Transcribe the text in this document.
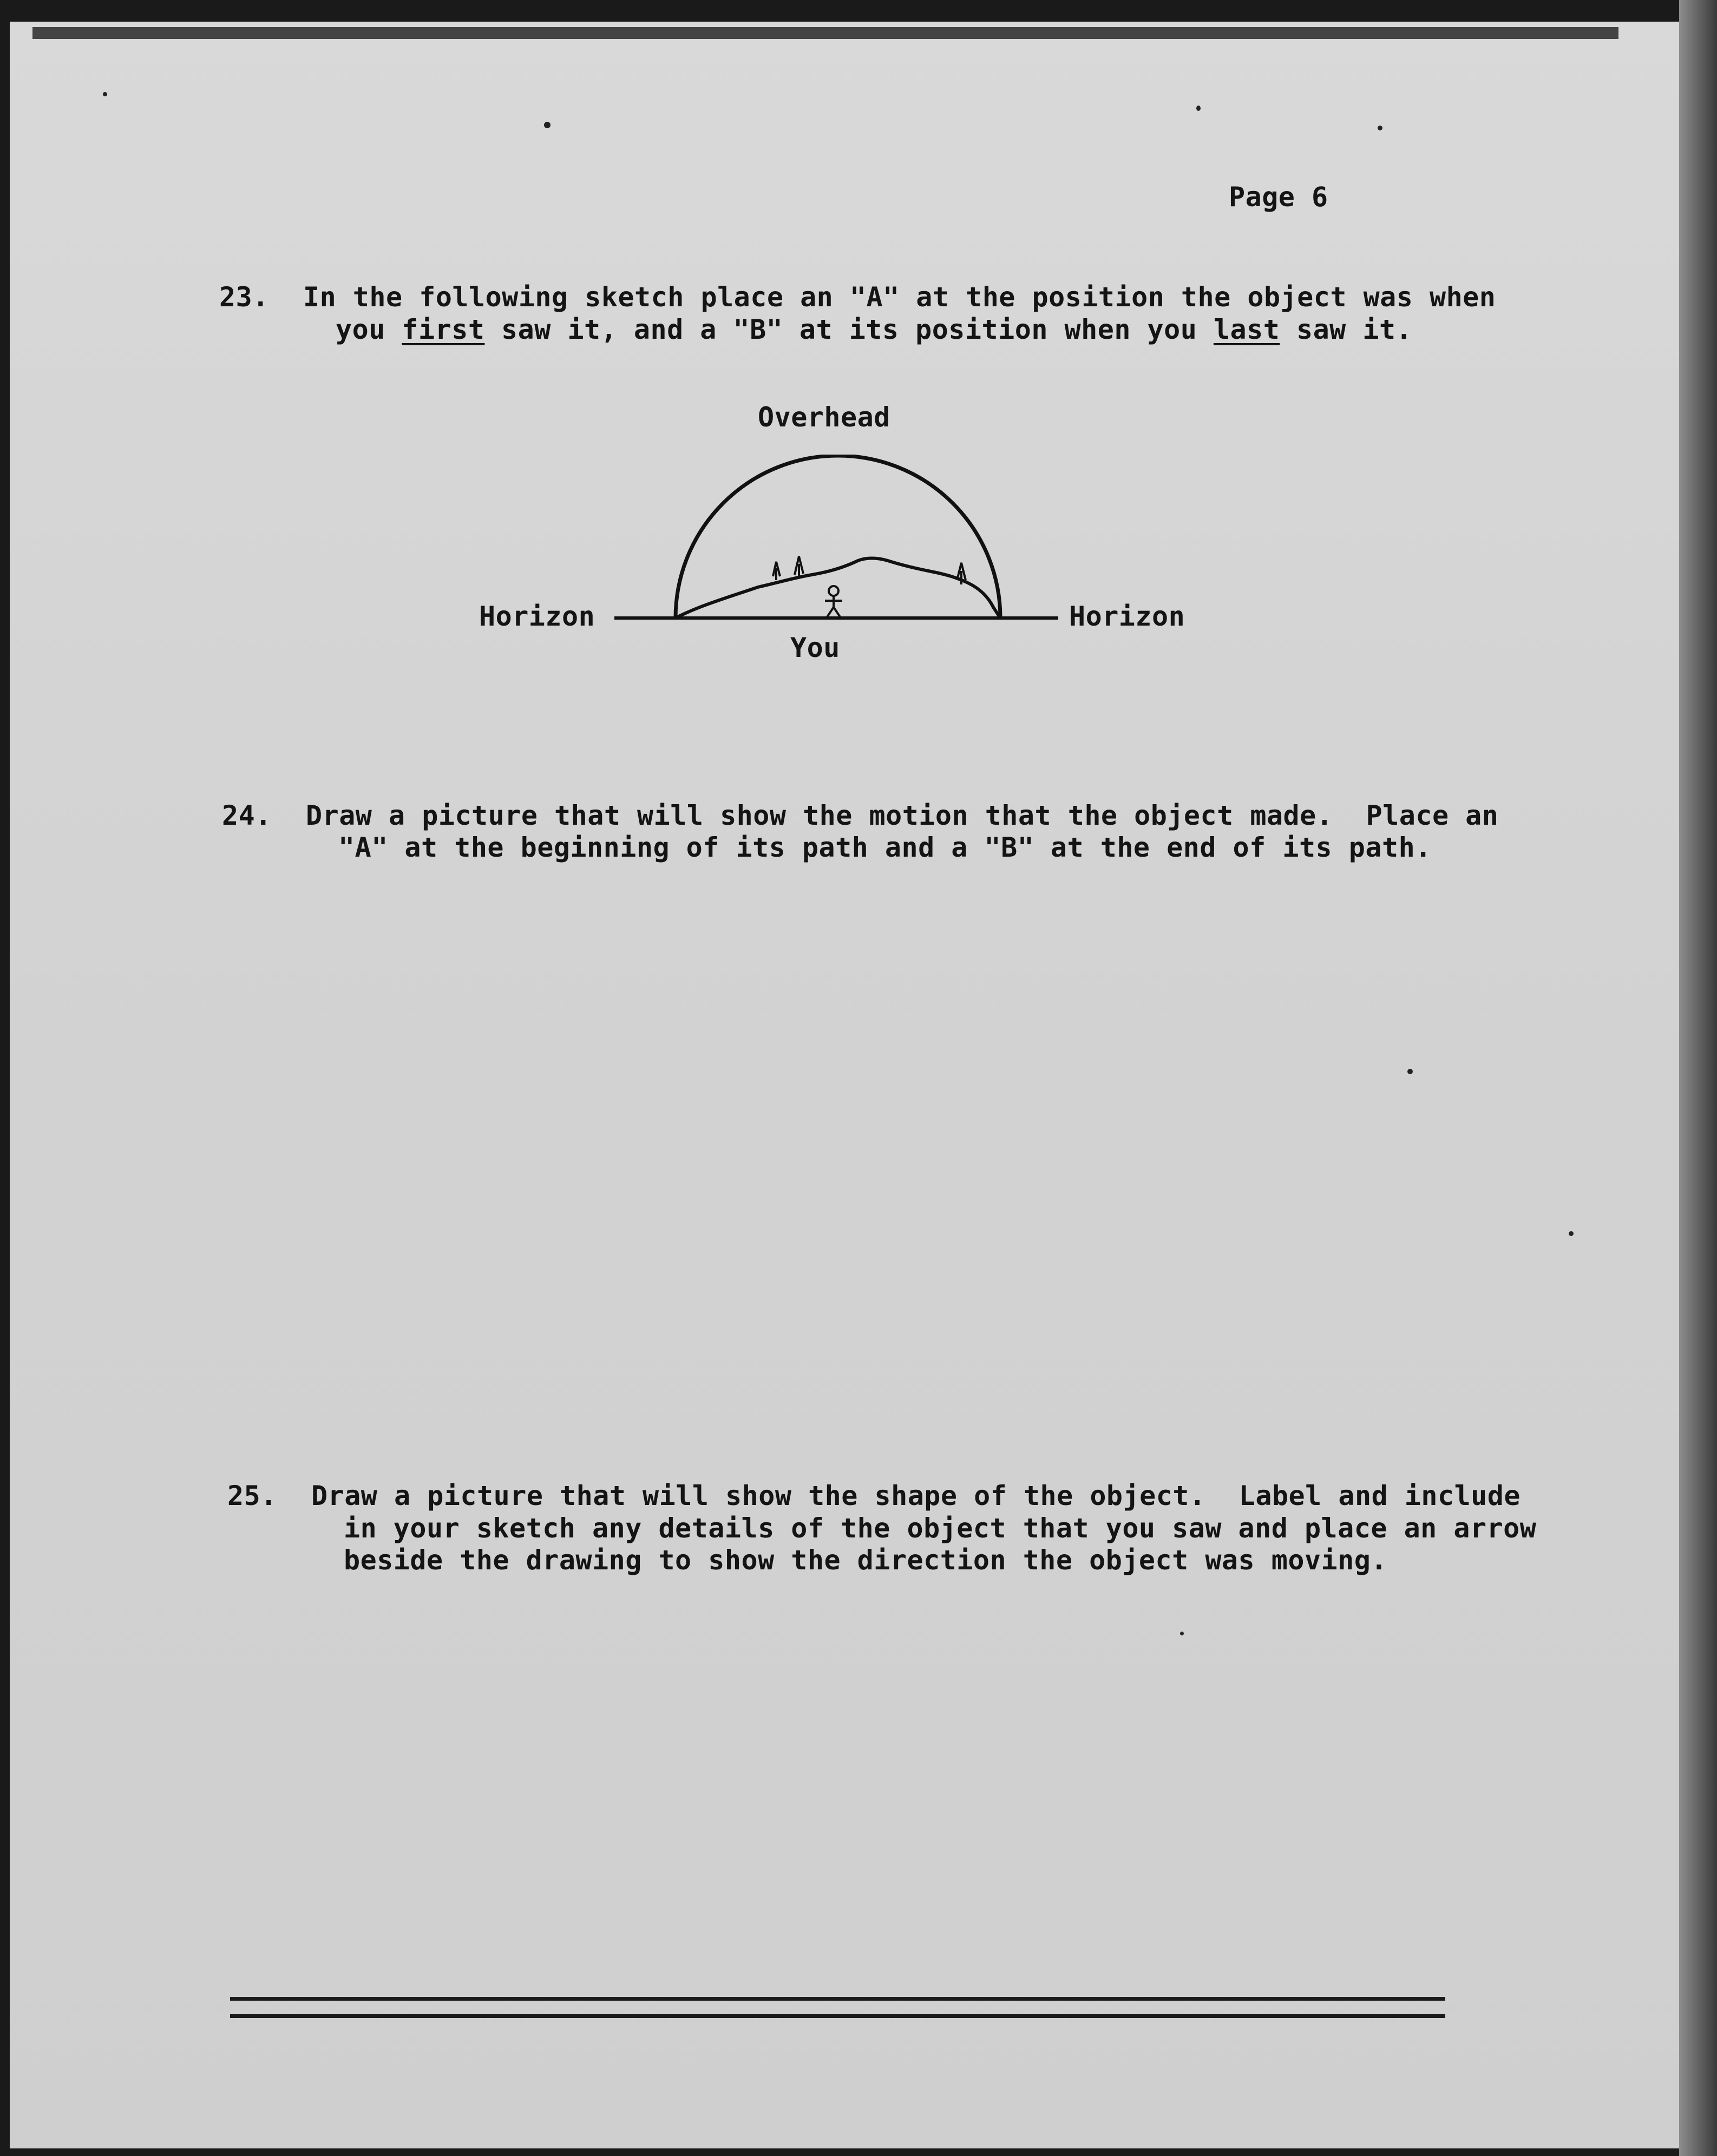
Page 6
23. In the following sketch place an "A" at the position the object was when
you first saw it, and a "B" at its position when you last saw it.
Overhead
Horizon	Horizon
You
24. Draw a picture that will show the motion that the object made.  Place an
"A" at the beginning of its path and a "B" at the end of its path.
25. Draw a picture that will show the shape of the object.  Label and include
in your sketch any details of the object that you saw and place an arrow
beside the drawing to show the direction the object was moving.
